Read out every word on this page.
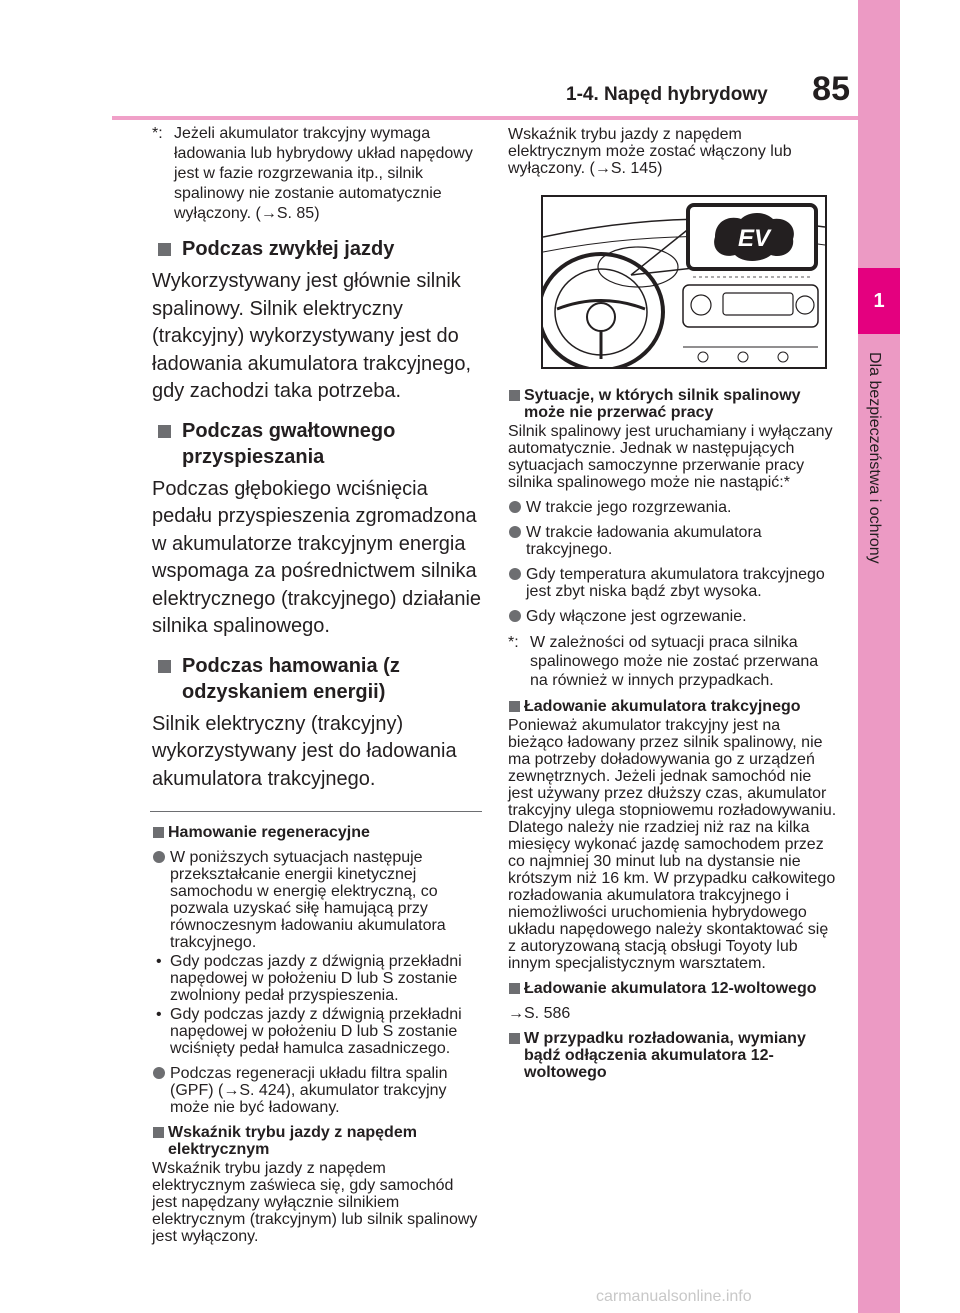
1-4. Napęd hybrydowy	85
1
Dla bezpieczeństwa i ochrony
*: Jeżeli akumulator trakcyjny wymaga ładowania lub hybrydowy układ napędowy jest w fazie rozgrzewania itp., silnik spalinowy nie zostanie automatycznie wyłączony. (→S. 85)
Podczas zwykłej jazdy
Wykorzystywany jest głównie silnik spalinowy. Silnik elektryczny (trakcyjny) wykorzystywany jest do ładowania akumulatora trakcyjnego, gdy zachodzi taka potrzeba.
Podczas gwałtownego przyspieszania
Podczas głębokiego wciśnięcia pedału przyspieszenia zgromadzona w akumulatorze trakcyjnym energia wspomaga za pośrednictwem silnika elektrycznego (trakcyjnego) działanie silnika spalinowego.
Podczas hamowania (z odzyskaniem energii)
Silnik elektryczny (trakcyjny) wykorzystywany jest do ładowania akumulatora trakcyjnego.
Hamowanie regeneracyjne
W poniższych sytuacjach następuje przekształcanie energii kinetycznej samochodu w energię elektryczną, co pozwala uzyskać siłę hamującą przy równoczesnym ładowaniu akumulatora trakcyjnego.
• Gdy podczas jazdy z dźwignią przekładni napędowej w położeniu D lub S zostanie zwolniony pedał przyspieszenia.
• Gdy podczas jazdy z dźwignią przekładni napędowej w położeniu D lub S zostanie wciśnięty pedał hamulca zasadniczego.
Podczas regeneracji układu filtra spalin (GPF) (→S. 424), akumulator trakcyjny może nie być ładowany.
Wskaźnik trybu jazdy z napędem elektrycznym
Wskaźnik trybu jazdy z napędem elektrycznym zaświeca się, gdy samochód jest napędzany wyłącznie silnikiem elektrycznym (trakcyjnym) lub silnik spalinowy jest wyłączony.
Wskaźnik trybu jazdy z napędem elektrycznym może zostać włączony lub wyłączony. (→S. 145)
EV
Sytuacje, w których silnik spalinowy może nie przerwać pracy
Silnik spalinowy jest uruchamiany i wyłączany automatycznie. Jednak w następujących sytuacjach samoczynne przerwanie pracy silnika spalinowego może nie nastąpić:*
W trakcie jego rozgrzewania.
W trakcie ładowania akumulatora trakcyjnego.
Gdy temperatura akumulatora trakcyjnego jest zbyt niska bądź zbyt wysoka.
Gdy włączone jest ogrzewanie.
*: W zależności od sytuacji praca silnika spalinowego może nie zostać przerwana na również w innych przypadkach.
Ładowanie akumulatora trakcyjnego
Ponieważ akumulator trakcyjny jest na bieżąco ładowany przez silnik spalinowy, nie ma potrzeby doładowywania go z urządzeń zewnętrznych. Jeżeli jednak samochód nie jest używany przez dłuższy czas, akumulator trakcyjny ulega stopniowemu rozładowywaniu. Dlatego należy nie rzadziej niż raz na kilka miesięcy wykonać jazdę samochodem przez co najmniej 30 minut lub na dystansie nie krótszym niż 16 km. W przypadku całkowitego rozładowania akumulatora trakcyjnego i niemożliwości uruchomienia hybrydowego układu napędowego należy skontaktować się z autoryzowaną stacją obsługi Toyoty lub innym specjalistycznym warsztatem.
Ładowanie akumulatora 12-woltowego
→S. 586
W przypadku rozładowania, wymiany bądź odłączenia akumulatora 12-woltowego
carmanualsonline.info
